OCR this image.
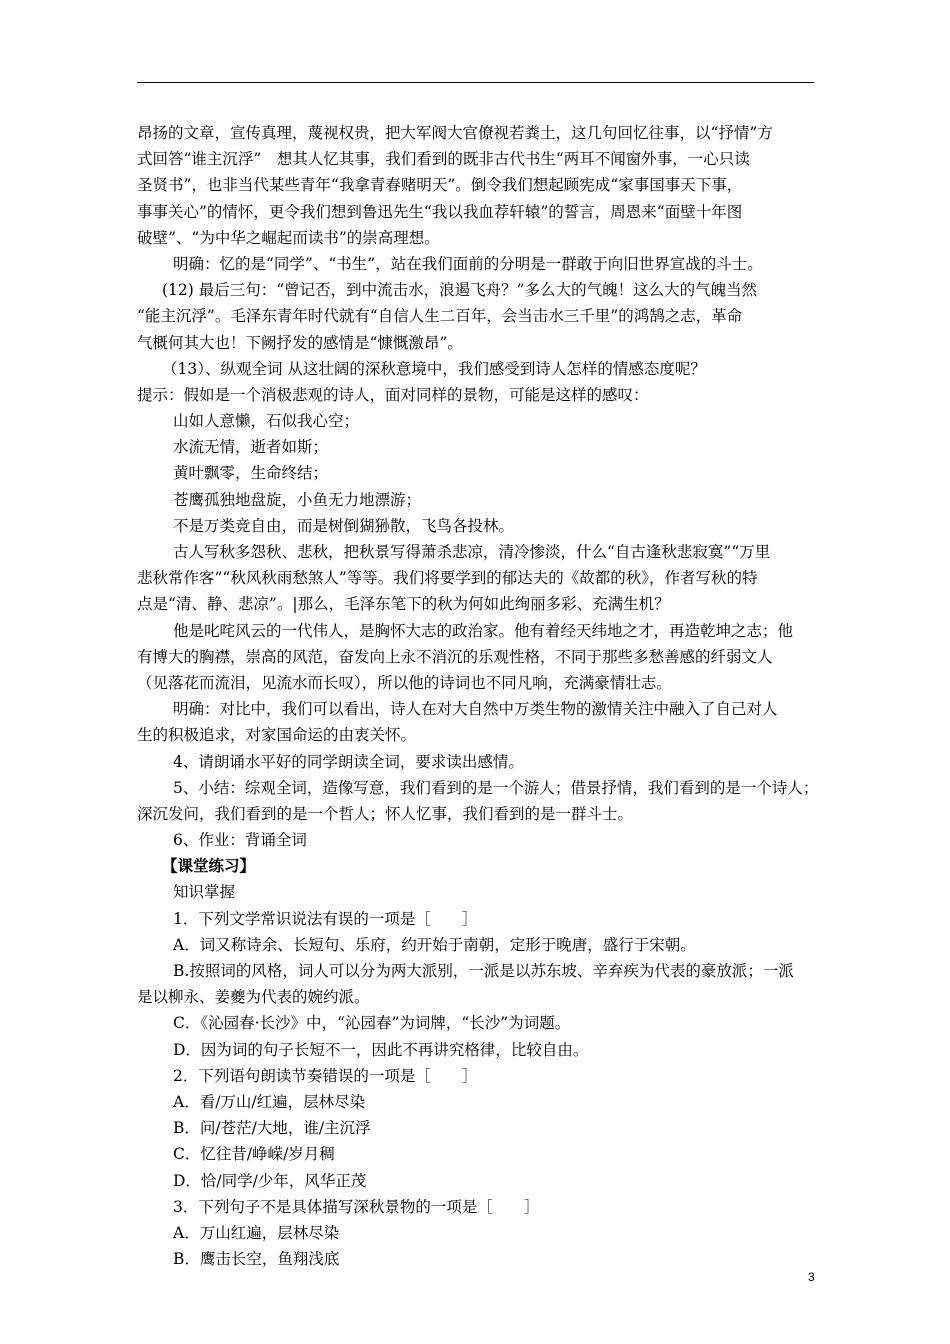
昂扬的文章，宣传真理，蔑视权贵，把大军阀大官僚视若粪土，这几句回忆往事，以“抒情”方
式回答“谁主沉浮”　想其人忆其事，我们看到的既非古代书生“两耳不闻窗外事，一心只读
圣贤书”，也非当代某些青年“我拿青春赌明天”。倒令我们想起顾宪成“家事国事天下事，
事事关心”的情怀，更令我们想到鲁迅先生“我以我血荐轩辕”的誓言，周恩来“面壁十年图
破壁”、“为中华之崛起而读书”的崇高理想。
明确：忆的是“同学”、“书生”，站在我们面前的分明是一群敢于向旧世界宣战的斗士。
(12) 最后三句：“曾记否，到中流击水，浪遏飞舟？”多么大的气魄！这么大的气魄当然
“能主沉浮”。毛泽东青年时代就有“自信人生二百年，会当击水三千里”的鸿鹄之志，革命
气概何其大也！下阙抒发的感情是“慷慨激昂”。
（13）、纵观全词 从这壮阔的深秋意境中，我们感受到诗人怎样的情感态度呢？
提示：假如是一个消极悲观的诗人，面对同样的景物，可能是这样的感叹：
山如人意懒，石似我心空；
水流无情，逝者如斯；
黄叶飘零，生命终结；
苍鹰孤独地盘旋，小鱼无力地漂游；
不是万类竞自由，而是树倒猢狲散，飞鸟各投林。
古人写秋多怨秋、悲秋，把秋景写得萧杀悲凉，清冷惨淡，什么“自古逢秋悲寂寞”“万里
悲秋常作客”“秋风秋雨愁煞人”等等。我们将要学到的郁达夫的《故都的秋》，作者写秋的特
点是“清、静、悲凉”。|那么，毛泽东笔下的秋为何如此绚丽多彩、充满生机？
他是叱咤风云的一代伟人，是胸怀大志的政治家。他有着经天纬地之才，再造乾坤之志；他
有博大的胸襟，崇高的风范，奋发向上永不消沉的乐观性格，不同于那些多愁善感的纤弱文人
（见落花而流泪，见流水而长叹），所以他的诗词也不同凡响，充满豪情壮志。
明确：对比中，我们可以看出，诗人在对大自然中万类生物的激情关注中融入了自己对人
生的积极追求，对家国命运的由衷关怀。
4、请朗诵水平好的同学朗读全词，要求读出感情。
5、小结：综观全词，造像写意，我们看到的是一个游人；借景抒情，我们看到的是一个诗人；
深沉发问，我们看到的是一个哲人；怀人忆事，我们看到的是一群斗士。
6、作业：背诵全词
【课堂练习】
知识掌握
1．下列文学常识说法有误的一项是［　　］
A．词又称诗余、长短句、乐府，约开始于南朝，定形于晚唐，盛行于宋朝。
B.按照词的风格，词人可以分为两大派别，一派是以苏东坡、辛弃疾为代表的豪放派；一派
是以柳永、姜夔为代表的婉约派。
C．《沁园春·长沙》中，“沁园春”为词牌，“长沙”为词题。
D．因为词的句子长短不一，因此不再讲究格律，比较自由。
2．下列语句朗读节奏错误的一项是［　　］
A．看/万山/红遍，层林尽染
B．问/苍茫/大地，谁/主沉浮
C．忆往昔/峥嵘/岁月稠
D．恰/同学/少年，风华正茂
3．下列句子不是具体描写深秋景物的一项是［　　］
A．万山红遍，层林尽染
B．鹰击长空，鱼翔浅底
3
